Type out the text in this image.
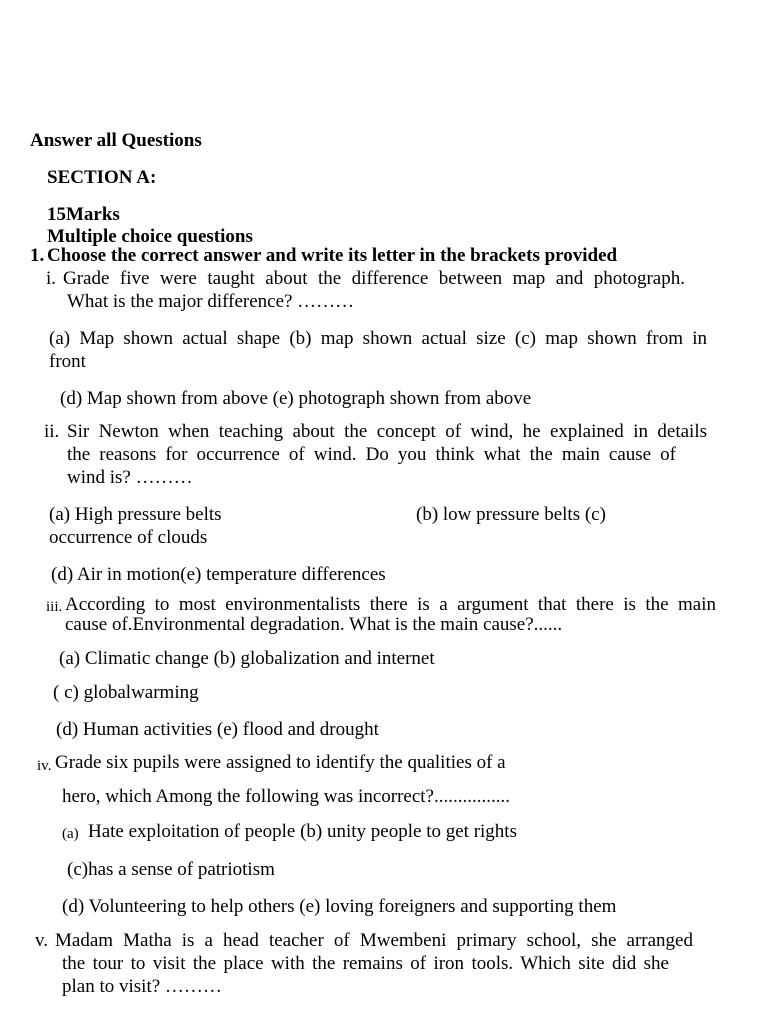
Answer all Questions
SECTION A:
15Marks
Multiple choice questions
1. Choose the correct answer and write its letter in the brackets provided
i. Grade five were taught about the difference between map and photograph.
What is the major difference? ………
(a) Map shown actual shape (b) map shown actual size (c) map shown from in
front
(d) Map shown from above (e) photograph shown from above
ii. Sir Newton when teaching about the concept of wind, he explained in details
the reasons for occurrence of wind. Do you think what the main cause of
wind is? ………
(a) High pressure belts	(b) low pressure belts (c)
occurrence of clouds
(d) Air in motion(e) temperature differences
iii. According to most environmentalists there is a argument that there is the main
cause of.Environmental degradation. What is the main cause?......
(a) Climatic change (b) globalization and internet
( c) globalwarming
(d) Human activities (e) flood and drought
iv. Grade six pupils were assigned to identify the qualities of a
hero, which Among the following was incorrect?................
(a) Hate exploitation of people (b) unity people to get rights
(c)has a sense of patriotism
(d) Volunteering to help others (e) loving foreigners and supporting them
v. Madam Matha is a head teacher of Mwembeni primary school, she arranged
the tour to visit the place with the remains of iron tools. Which site did she
plan to visit? ………
